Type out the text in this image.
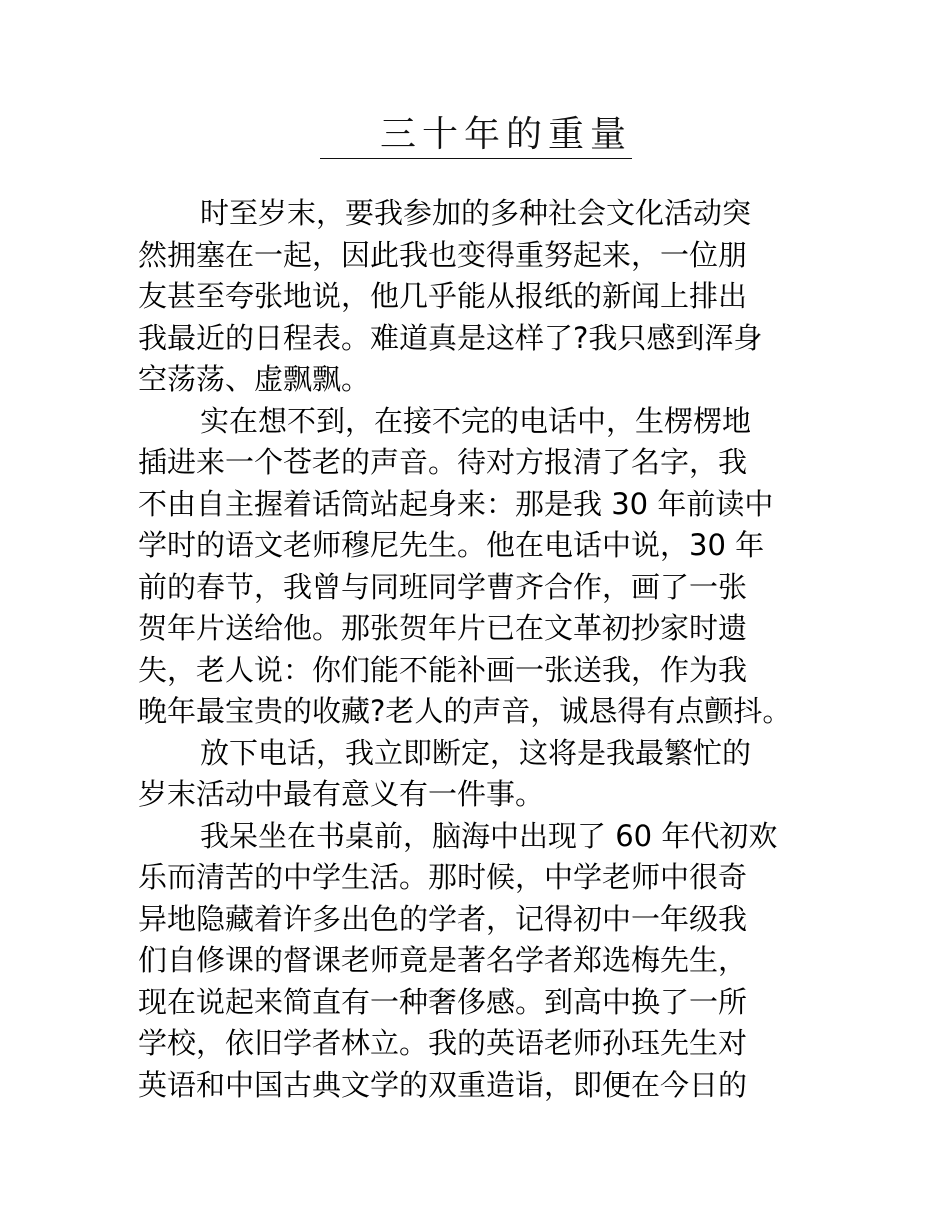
三十年的重量
时至岁末，要我参加的多种社会文化活动突
然拥塞在一起，因此我也变得重努起来，一位朋
友甚至夸张地说，他几乎能从报纸的新闻上排出
我最近的日程表。难道真是这样了?我只感到浑身
空荡荡、虚飘飘。
实在想不到，在接不完的电话中，生楞楞地
插进来一个苍老的声音。待对方报清了名字，我
不由自主握着话筒站起身来：那是我 30 年前读中
学时的语文老师穆尼先生。他在电话中说，30 年
前的春节，我曾与同班同学曹齐合作，画了一张
贺年片送给他。那张贺年片已在文革初抄家时遗
失，老人说：你们能不能补画一张送我，作为我
晚年最宝贵的收藏?老人的声音，诚恳得有点颤抖。
放下电话，我立即断定，这将是我最繁忙的
岁末活动中最有意义有一件事。
我呆坐在书桌前，脑海中出现了 60 年代初欢
乐而清苦的中学生活。那时候，中学老师中很奇
异地隐藏着许多出色的学者，记得初中一年级我
们自修课的督课老师竟是著名学者郑选梅先生，
现在说起来简直有一种奢侈感。到高中换了一所
学校，依旧学者林立。我的英语老师孙珏先生对
英语和中国古典文学的双重造诣，即便在今日的
